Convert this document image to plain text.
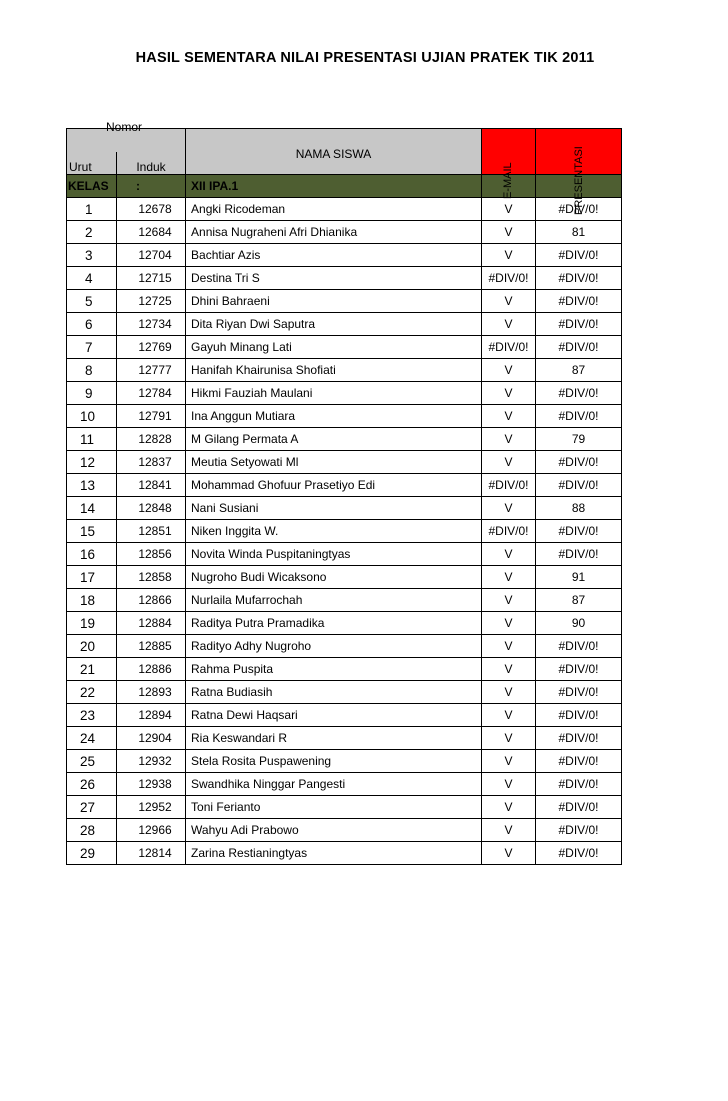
HASIL SEMENTARA NILAI PRESENTASI UJIAN PRATEK TIK 2011
Nomor		NAMA SISWA	E-MAIL	PRESENTASI

Urut	Induk			
KELAS	:	XII IPA.1		
1	12678	Angki Ricodeman	V	#DIV/0!
2	12684	Annisa Nugraheni Afri Dhianika	V	81
3	12704	Bachtiar Azis	V	#DIV/0!
4	12715	Destina Tri S	#DIV/0!	#DIV/0!
5	12725	Dhini Bahraeni	V	#DIV/0!
6	12734	Dita Riyan Dwi Saputra	V	#DIV/0!
7	12769	Gayuh Minang Lati	#DIV/0!	#DIV/0!
8	12777	Hanifah Khairunisa Shofiati	V	87
9	12784	Hikmi Fauziah Maulani	V	#DIV/0!
10	12791	Ina Anggun Mutiara	V	#DIV/0!
11	12828	M Gilang Permata A	V	79
12	12837	Meutia Setyowati Ml	V	#DIV/0!
13	12841	Mohammad Ghofuur Prasetiyo Edi	#DIV/0!	#DIV/0!
14	12848	Nani Susiani	V	88
15	12851	Niken Inggita W.	#DIV/0!	#DIV/0!
16	12856	Novita Winda Puspitaningtyas	V	#DIV/0!
17	12858	Nugroho Budi Wicaksono	V	91
18	12866	Nurlaila Mufarrochah	V	87
19	12884	Raditya Putra Pramadika	V	90
20	12885	Radityo Adhy Nugroho	V	#DIV/0!
21	12886	Rahma Puspita	V	#DIV/0!
22	12893	Ratna Budiasih	V	#DIV/0!
23	12894	Ratna Dewi Haqsari	V	#DIV/0!
24	12904	Ria Keswandari R	V	#DIV/0!
25	12932	Stela Rosita Puspawening	V	#DIV/0!
26	12938	Swandhika Ninggar Pangesti	V	#DIV/0!
27	12952	Toni Ferianto	V	#DIV/0!
28	12966	Wahyu Adi Prabowo	V	#DIV/0!
29	12814	Zarina Restianingtyas	V	#DIV/0!
